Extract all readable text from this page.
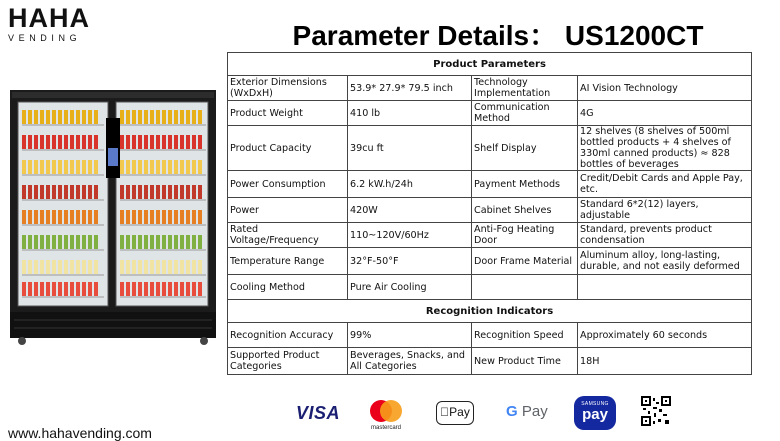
HAHA
VENDING	Parameter Details： US1200CT
Product Parameters			
Exterior Dimensions (WxDxH)	53.9* 27.9* 79.5 inch	Technology Implementation	AI Vision Technology
Product Weight	410 lb	Communication Method	4G
Product Capacity	39cu ft	Shelf Display	12 shelves (8 shelves of 500ml bottled products + 4 shelves of 330ml canned products) ≈ 828 bottles of beverages
Power Consumption	6.2 kW.h/24h	Payment Methods	Credit/Debit Cards and Apple Pay, etc.
Power	420W	Cabinet Shelves	Standard 6*2(12) layers, adjustable
Rated Voltage/Frequency	110~120V/60Hz	Anti-Fog Heating Door	Standard, prevents product condensation
Temperature Range	32°F-50°F	Door Frame Material	Aluminum alloy, long-lasting, durable, and not easily deformed
Cooling Method	Pure Air Cooling		
Recognition Indicators			
Recognition Accuracy	99%	Recognition Speed	Approximately 60 seconds
Supported Product Categories	Beverages, Snacks, and All Categories	New Product Time	18H
www.hahavending.com
VISA
mastercard
Pay	G Pay	SAMSUNG
pay
